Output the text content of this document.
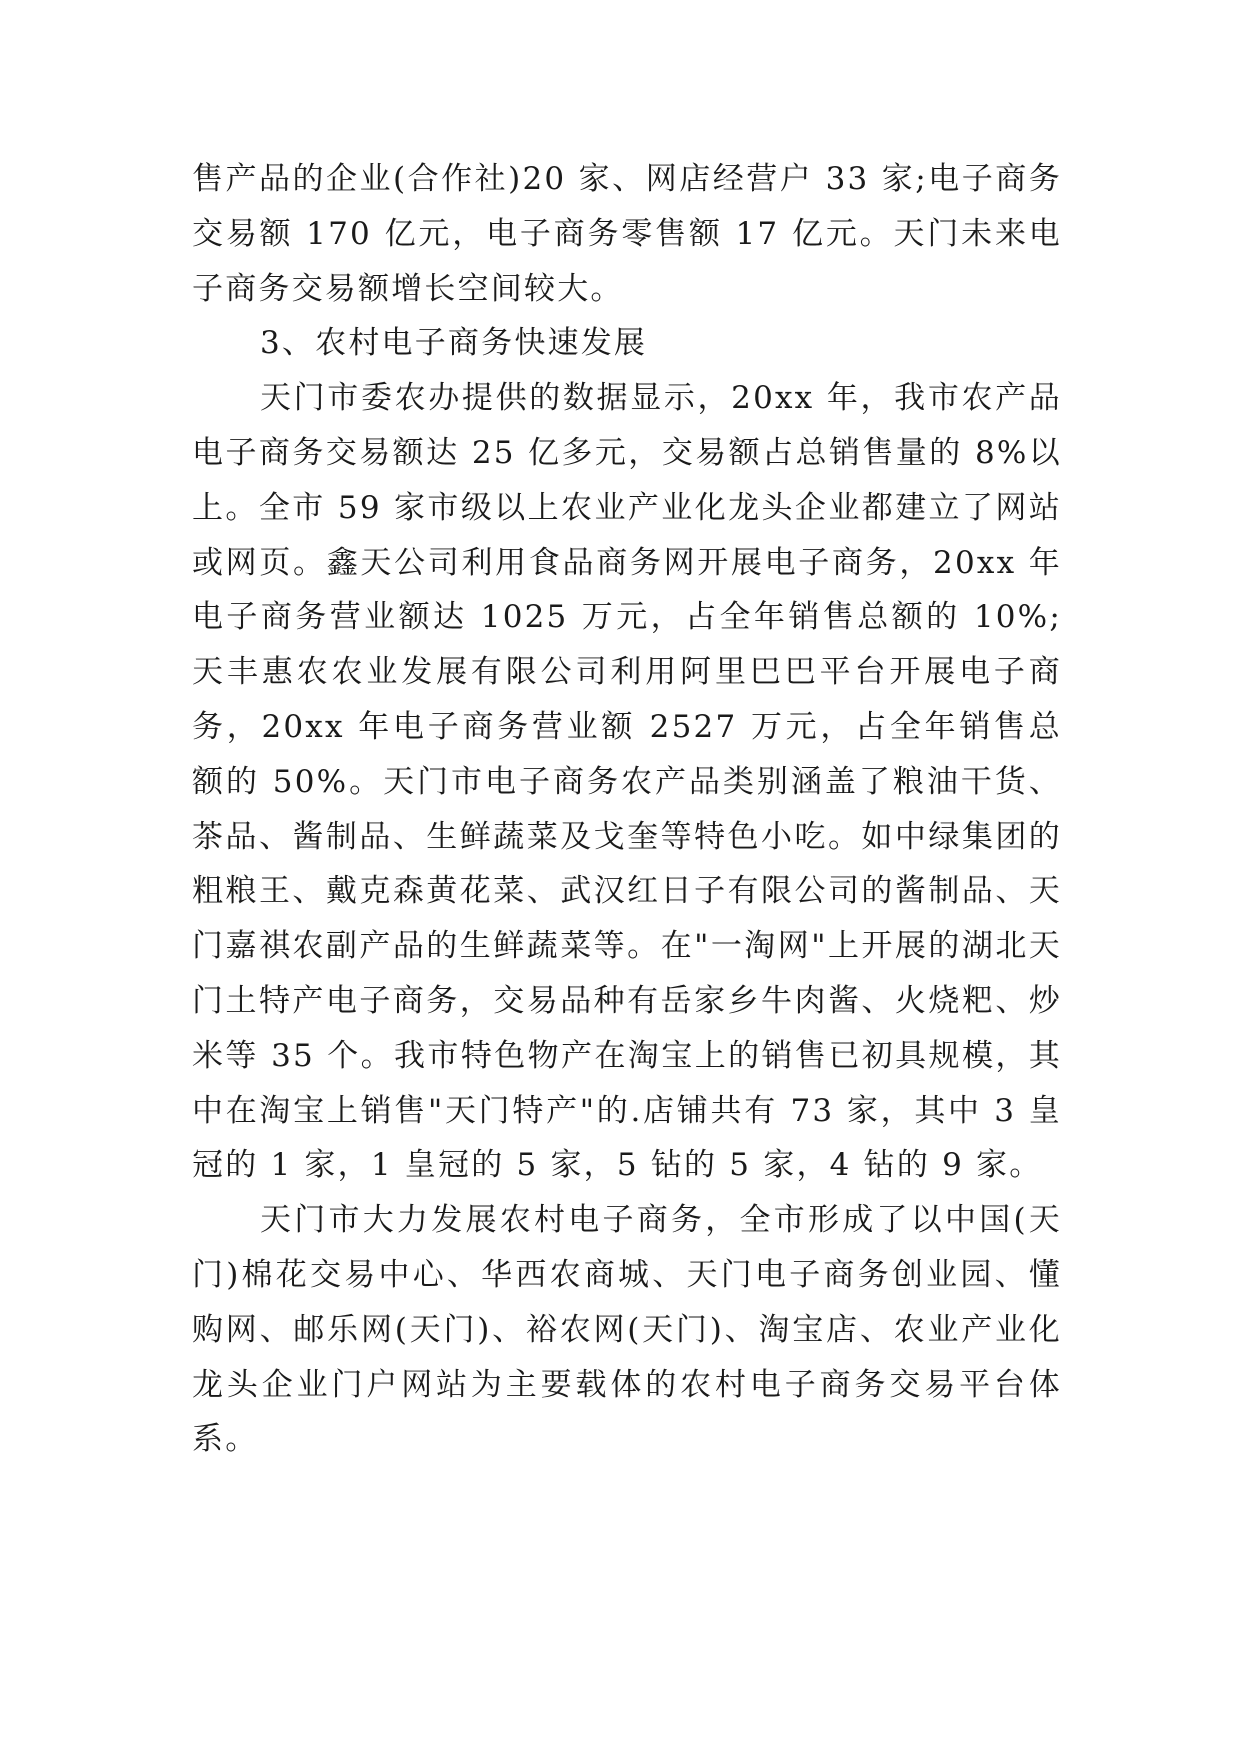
售产品的企业(合作社)20 家、网店经营户 33 家;电子商务交易额 170 亿元，电子商务零售额 17 亿元。天门未来电子商务交易额增长空间较大。

3、农村电子商务快速发展

天门市委农办提供的数据显示，20xx 年，我市农产品电子商务交易额达 25 亿多元，交易额占总销售量的 8%以上。全市 59 家市级以上农业产业化龙头企业都建立了网站或网页。鑫天公司利用食品商务网开展电子商务，20xx 年电子商务营业额达 1025 万元，占全年销售总额的 10%;天丰惠农农业发展有限公司利用阿里巴巴平台开展电子商务，20xx 年电子商务营业额 2527 万元，占全年销售总额的 50%。天门市电子商务农产品类别涵盖了粮油干货、茶品、酱制品、生鲜蔬菜及戈奎等特色小吃。如中绿集团的粗粮王、戴克森黄花菜、武汉红日子有限公司的酱制品、天门嘉祺农副产品的生鲜蔬菜等。在"一淘网"上开展的湖北天门土特产电子商务，交易品种有岳家乡牛肉酱、火烧粑、炒米等 35 个。我市特色物产在淘宝上的销售已初具规模，其中在淘宝上销售"天门特产"的.店铺共有 73 家，其中 3 皇冠的 1 家，1 皇冠的 5 家，5 钻的 5 家，4 钻的 9 家。

天门市大力发展农村电子商务，全市形成了以中国(天门)棉花交易中心、华西农商城、天门电子商务创业园、懂购网、邮乐网(天门)、裕农网(天门)、淘宝店、农业产业化龙头企业门户网站为主要载体的农村电子商务交易平台体系。
